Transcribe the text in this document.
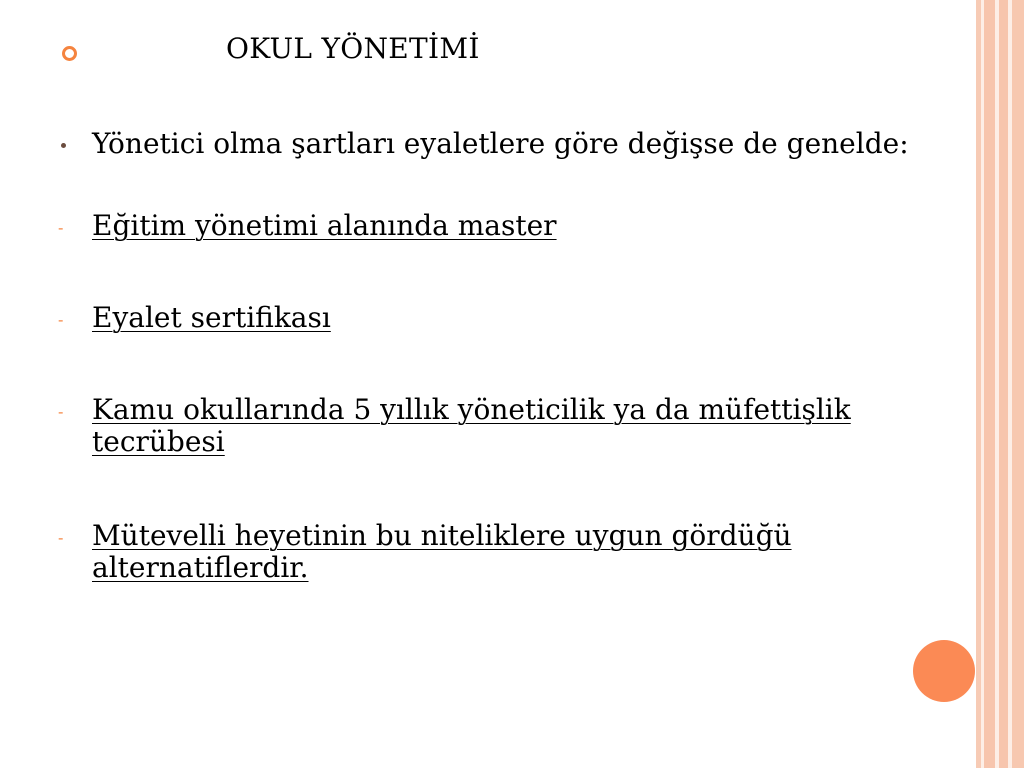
OKUL YÖNETİMİ
Yönetici olma şartları eyaletlere göre değişse de genelde:
- Eğitim yönetimi alanında master
- Eyalet sertifikası
- Kamu okullarında 5 yıllık yöneticilik ya da müfettişlik tecrübesi
- Mütevelli heyetinin bu niteliklere uygun gördüğü alternatiflerdir.
